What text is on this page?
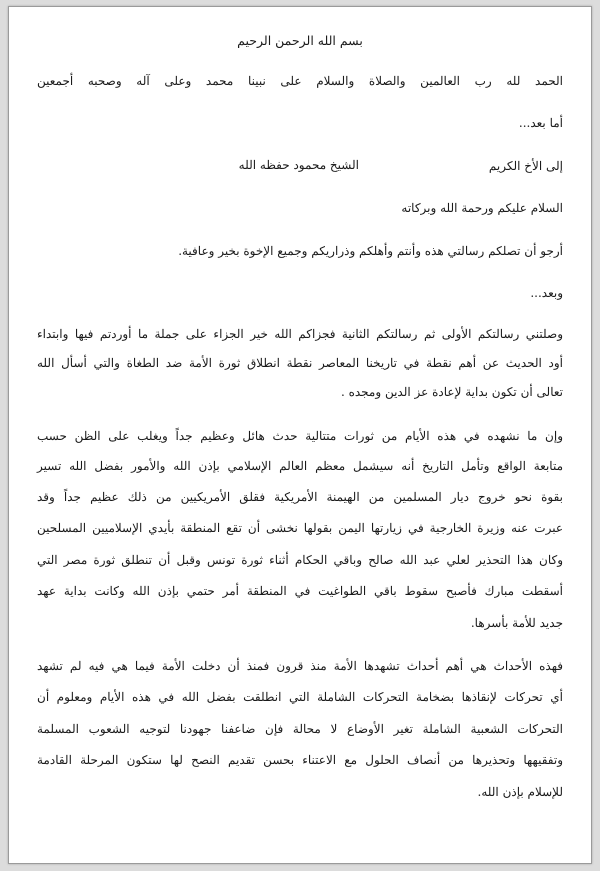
بسم الله الرحمن الرحيم
الحمد لله رب العالمين والصلاة والسلام على نبينا محمد وعلى آله وصحبه أجمعين
أما بعد...
إلى الأخ الكريم
الشيخ محمود حفظه الله
السلام عليكم ورحمة الله وبركاته
أرجو أن تصلكم رسالتي هذه وأنتم وأهلكم وذراريكم وجميع الإخوة بخير وعافية.
وبعد...
وصلتني رسالتكم الأولى ثم رسالتكم الثانية فجزاكم الله خير الجزاء على جملة ما أوردتم فيها وابتداء
أود الحديث عن أهم نقطة في تاريخنا المعاصر نقطة انطلاق ثورة الأمة ضد الطغاة والتي أسأل الله
تعالى أن تكون بداية لإعادة عز الدين ومجده .
وإن ما نشهده في هذه الأيام من ثورات متتالية حدث هائل وعظيم جداً ويغلب على الظن حسب
متابعة الواقع وتأمل التاريخ أنه سيشمل معظم العالم الإسلامي بإذن الله والأمور بفضل الله تسير
بقوة نحو خروج ديار المسلمين من الهيمنة الأمريكية فقلق الأمريكيين من ذلك عظيم جداً وقد
عبرت عنه وزيرة الخارجية في زيارتها اليمن بقولها نخشى أن تقع المنطقة بأيدي الإسلاميين المسلحين
وكان هذا التحذير لعلي عبد الله صالح وباقي الحكام أثناء ثورة تونس وقبل أن تنطلق ثورة مصر التي
أسقطت مبارك فأصبح سقوط باقي الطواغيت في المنطقة أمر حتمي بإذن الله وكانت بداية عهد
جديد للأمة بأسرها.
فهذه الأحداث هي أهم أحداث تشهدها الأمة منذ قرون فمنذ أن دخلت الأمة فيما هي فيه لم تشهد
أي تحركات لإنقاذها بضخامة التحركات الشاملة التي انطلقت بفضل الله في هذه الأيام ومعلوم أن
التحركات الشعبية الشاملة تغير الأوضاع لا محالة فإن ضاعفنا جهودنا لتوجيه الشعوب المسلمة
وتفقيهها وتحذيرها من أنصاف الحلول مع الاعتناء بحسن تقديم النصح لها ستكون المرحلة القادمة
للإسلام بإذن الله.
